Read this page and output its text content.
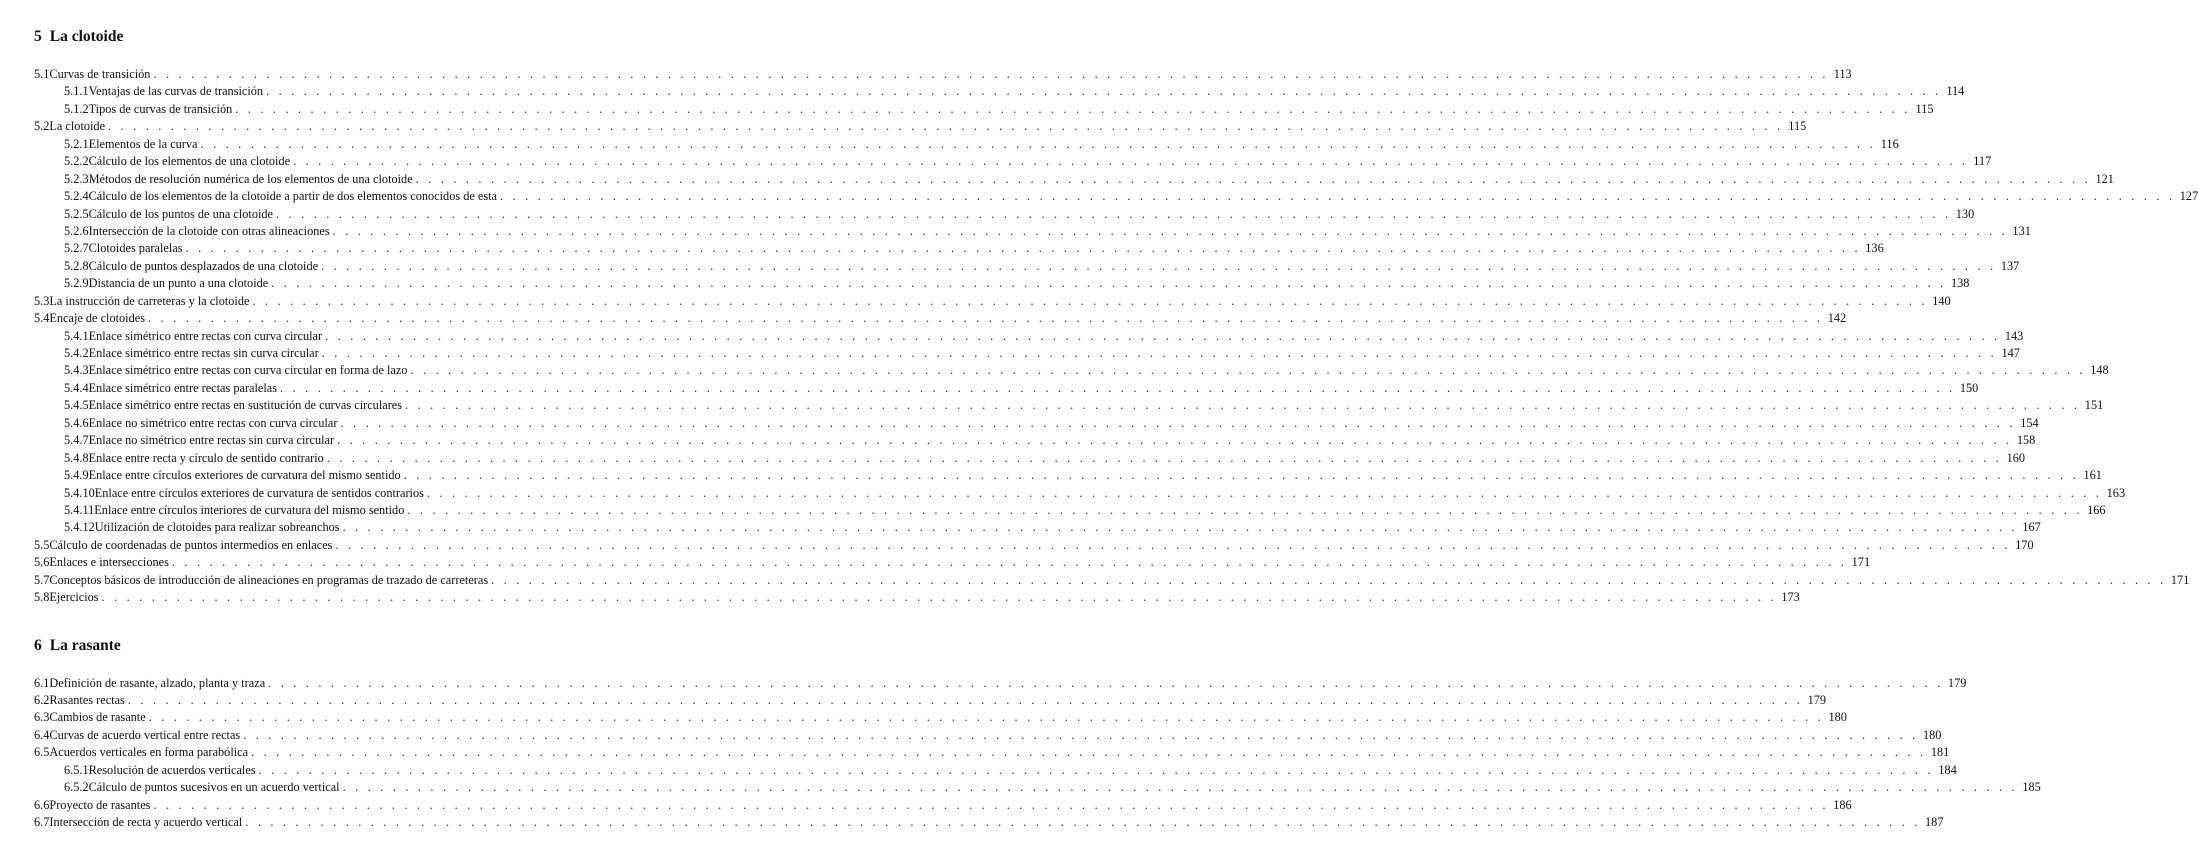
5 La clotoide
5.1 Curvas de transición . . .	113
5.1.1 Ventajas de las curvas de transición . . .	114
5.1.2 Tipos de curvas de transición . . .	115
5.2 La clotoide . . .	115
5.2.1 Elementos de la curva . . .	116
5.2.2 Cálculo de los elementos de una clotoide . . .	117
5.2.3 Métodos de resolución numérica de los elementos de una clotoide . . .	121
5.2.4 Cálculo de los elementos de la clotoide a partir de dos elementos conocidos de esta . . .	127
5.2.5 Cálculo de los puntos de una clotoide . . .	130
5.2.6 Intersección de la clotoide con otras alineaciones . . .	131
5.2.7 Clotoides paralelas . . .	136
5.2.8 Cálculo de puntos desplazados de una clotoide . . .	137
5.2.9 Distancia de un punto a una clotoide . . .	138
5.3 La instrucción de carreteras y la clotoide . . .	140
5.4 Encaje de clotoides . . .	142
5.4.1 Enlace simétrico entre rectas con curva circular . . .	143
5.4.2 Enlace simétrico entre rectas sin curva circular . . .	147
5.4.3 Enlace simétrico entre rectas con curva circular en forma de lazo . . .	148
5.4.4 Enlace simétrico entre rectas paralelas . . .	150
5.4.5 Enlace simétrico entre rectas en sustitución de curvas circulares . . .	151
5.4.6 Enlace no simétrico entre rectas con curva circular . . .	154
5.4.7 Enlace no simétrico entre rectas sin curva circular . . .	158
5.4.8 Enlace entre recta y círculo de sentido contrario . . .	160
5.4.9 Enlace entre círculos exteriores de curvatura del mismo sentido . . .	161
5.4.10 Enlace entre círculos exteriores de curvatura de sentidos contrarios . . .	163
5.4.11 Enlace entre círculos interiores de curvatura del mismo sentido . . .	166
5.4.12 Utilización de clotoides para realizar sobreanchos . . .	167
5.5 Cálculo de coordenadas de puntos intermedios en enlaces . . .	170
5.6 Enlaces e intersecciones . . .	171
5.7 Conceptos básicos de introducción de alineaciones en programas de trazado de carreteras . . .	171
5.8 Ejercicios . . .	173
6 La rasante
6.1 Definición de rasante, alzado, planta y traza . . .	179
6.2 Rasantes rectas . . .	179
6.3 Cambios de rasante . . .	180
6.4 Curvas de acuerdo vertical entre rectas . . .	180
6.5 Acuerdos verticales en forma parabólica . . .	181
6.5.1 Resolución de acuerdos verticales . . .	184
6.5.2 Cálculo de puntos sucesivos en un acuerdo vertical . . .	185
6.6 Proyecto de rasantes . . .	186
6.7 Intersección de recta y acuerdo vertical . . .	187
